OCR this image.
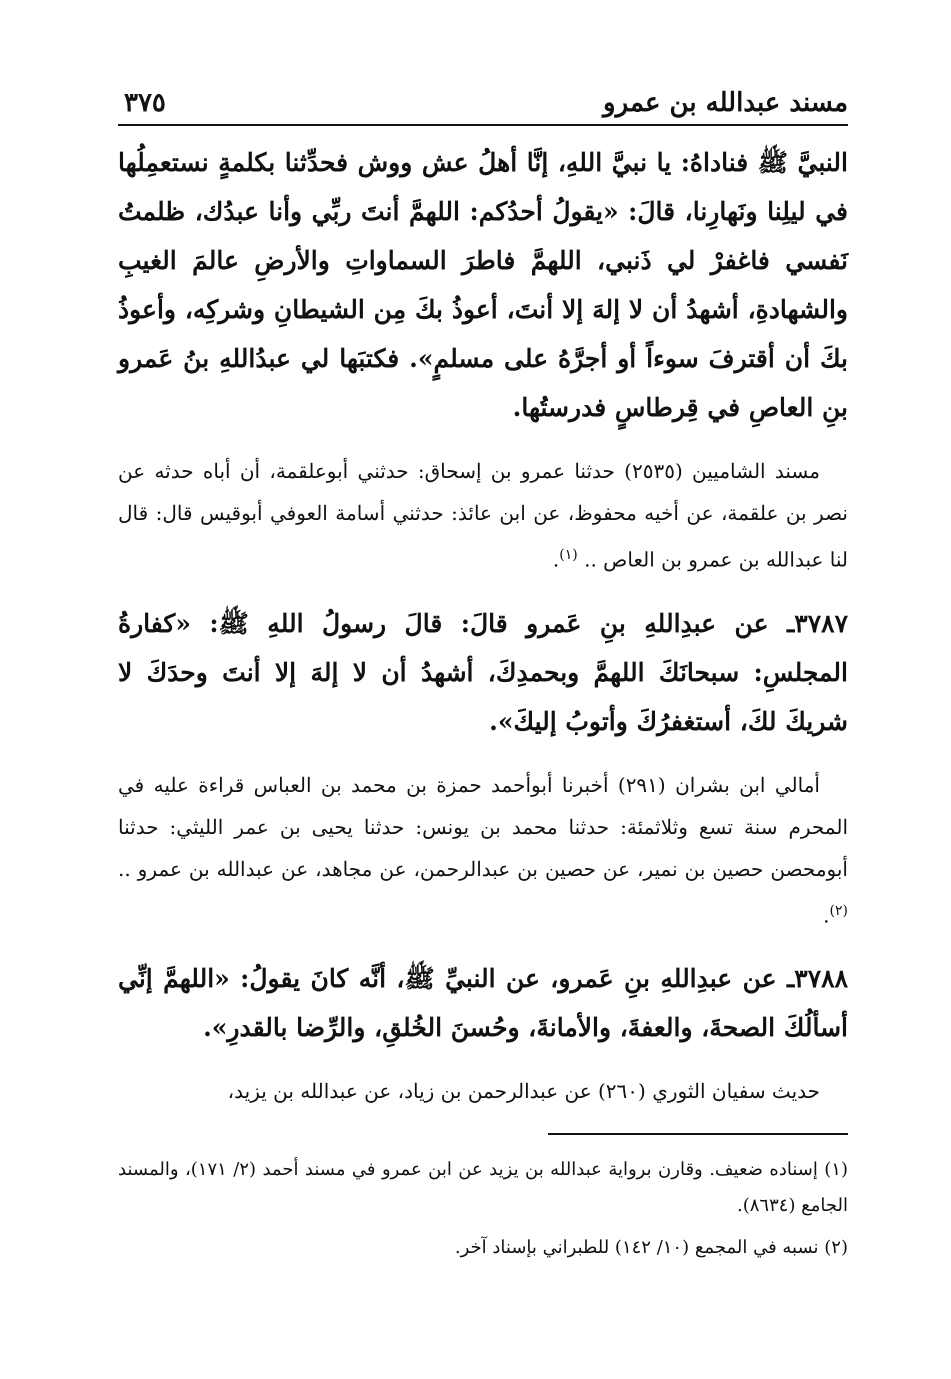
مسند عبدالله بن عمرو
٣٧٥

النبيَّ ﷺ فناداهُ: يا نبيَّ اللهِ، إنَّا أهلُ عش ووش فحدِّثنا بكلمةٍ نستعمِلُها في ليلِنا ونَهارِنا، قالَ: «يقولُ أحدُكم: اللهمَّ أنتَ ربِّي وأنا عبدُك، ظلمتُ نَفسي فاغفرْ لي ذَنبي، اللهمَّ فاطرَ السماواتِ والأرضِ عالمَ الغيبِ والشهادةِ، أشهدُ أن لا إلهَ إلا أنتَ، أعوذُ بكَ مِن الشيطانِ وشركِه، وأعوذُ بكَ أن أقترفَ سوءاً أو أجرَّهُ على مسلمٍ». فكتبَها لي عبدُاللهِ بنُ عَمرو بنِ العاصِ في قِرطاسٍ فدرستُها.

مسند الشاميين (٢٥٣٥) حدثنا عمرو بن إسحاق: حدثني أبوعلقمة، أن أباه حدثه عن نصر بن علقمة، عن أخيه محفوظ، عن ابن عائذ: حدثني أسامة العوفي أبوقيس قال: قال لنا عبدالله بن عمرو بن العاص .. $^{(١)}$.

٣٧٨٧ـ عن عبدِاللهِ بنِ عَمرو قالَ: قالَ رسولُ اللهِ ﷺ: «كفارةُ المجلسِ: سبحانَكَ اللهمَّ وبحمدِكَ، أشهدُ أن لا إلهَ إلا أنتَ وحدَكَ لا شريكَ لكَ، أستغفرُكَ وأتوبُ إليكَ».

أمالي ابن بشران (٢٩١) أخبرنا أبوأحمد حمزة بن محمد بن العباس قراءة عليه في المحرم سنة تسع وثلاثمئة: حدثنا محمد بن يونس: حدثنا يحيى بن عمر الليثي: حدثنا أبومحصن حصين بن نمير، عن حصين بن عبدالرحمن، عن مجاهد، عن عبدالله بن عمرو .. $^{(٢)}$.

٣٧٨٨ـ عن عبدِاللهِ بنِ عَمرو، عن النبيِّ ﷺ، أنَّه كانَ يقولُ: «اللهمَّ إنِّي أسألُكَ الصحةَ، والعفةَ، والأمانةَ، وحُسنَ الخُلقِ، والرِّضا بالقدرِ».

حديث سفيان الثوري (٢٦٠) عن عبدالرحمن بن زياد، عن عبدالله بن يزيد،

(١) إسناده ضعيف. وقارن برواية عبدالله بن يزيد عن ابن عمرو في مسند أحمد (٢/ ١٧١)، والمسند الجامع (٨٦٣٤).

(٢) نسبه في المجمع (١٠/ ١٤٢) للطبراني بإسناد آخر.
